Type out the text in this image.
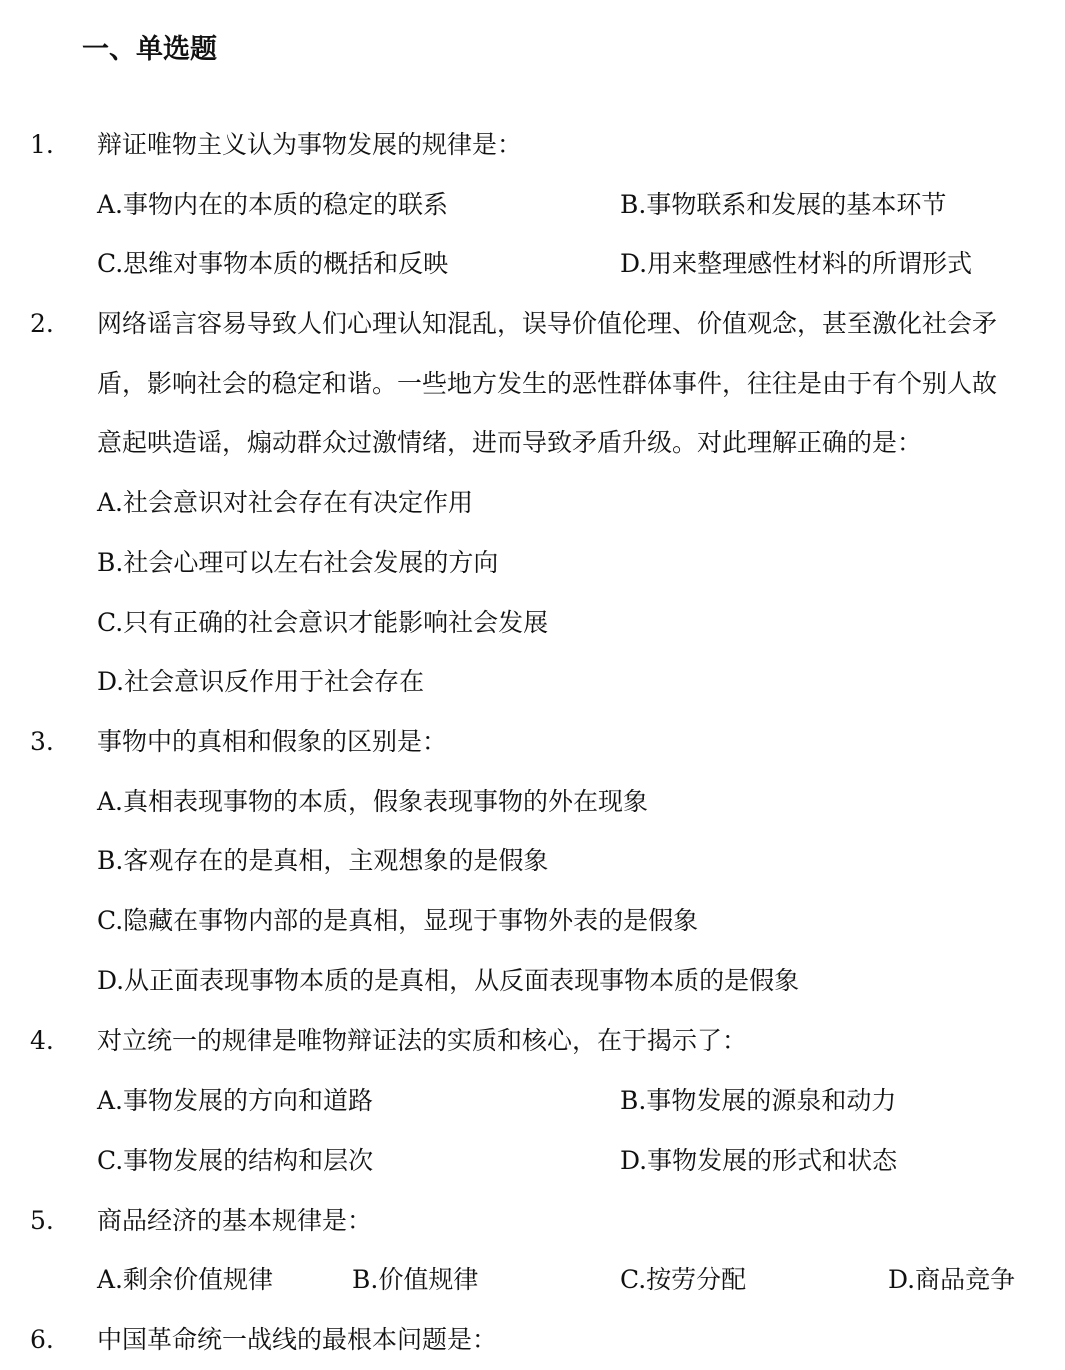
一、单选题
1. 辩证唯物主义认为事物发展的规律是：
A.事物内在的本质的稳定的联系	B.事物联系和发展的基本环节
C.思维对事物本质的概括和反映	D.用来整理感性材料的所谓形式
2. 网络谣言容易导致人们心理认知混乱，误导价值伦理、价值观念，甚至激化社会矛
盾，影响社会的稳定和谐。一些地方发生的恶性群体事件，往往是由于有个别人故
意起哄造谣，煽动群众过激情绪，进而导致矛盾升级。对此理解正确的是：
A.社会意识对社会存在有决定作用
B.社会心理可以左右社会发展的方向
C.只有正确的社会意识才能影响社会发展
D.社会意识反作用于社会存在
3. 事物中的真相和假象的区别是：
A.真相表现事物的本质，假象表现事物的外在现象
B.客观存在的是真相，主观想象的是假象
C.隐藏在事物内部的是真相，显现于事物外表的是假象
D.从正面表现事物本质的是真相，从反面表现事物本质的是假象
4. 对立统一的规律是唯物辩证法的实质和核心，在于揭示了：
A.事物发展的方向和道路	B.事物发展的源泉和动力
C.事物发展的结构和层次	D.事物发展的形式和状态
5. 商品经济的基本规律是：
A.剩余价值规律	B.价值规律	C.按劳分配	D.商品竞争
6. 中国革命统一战线的最根本问题是：
